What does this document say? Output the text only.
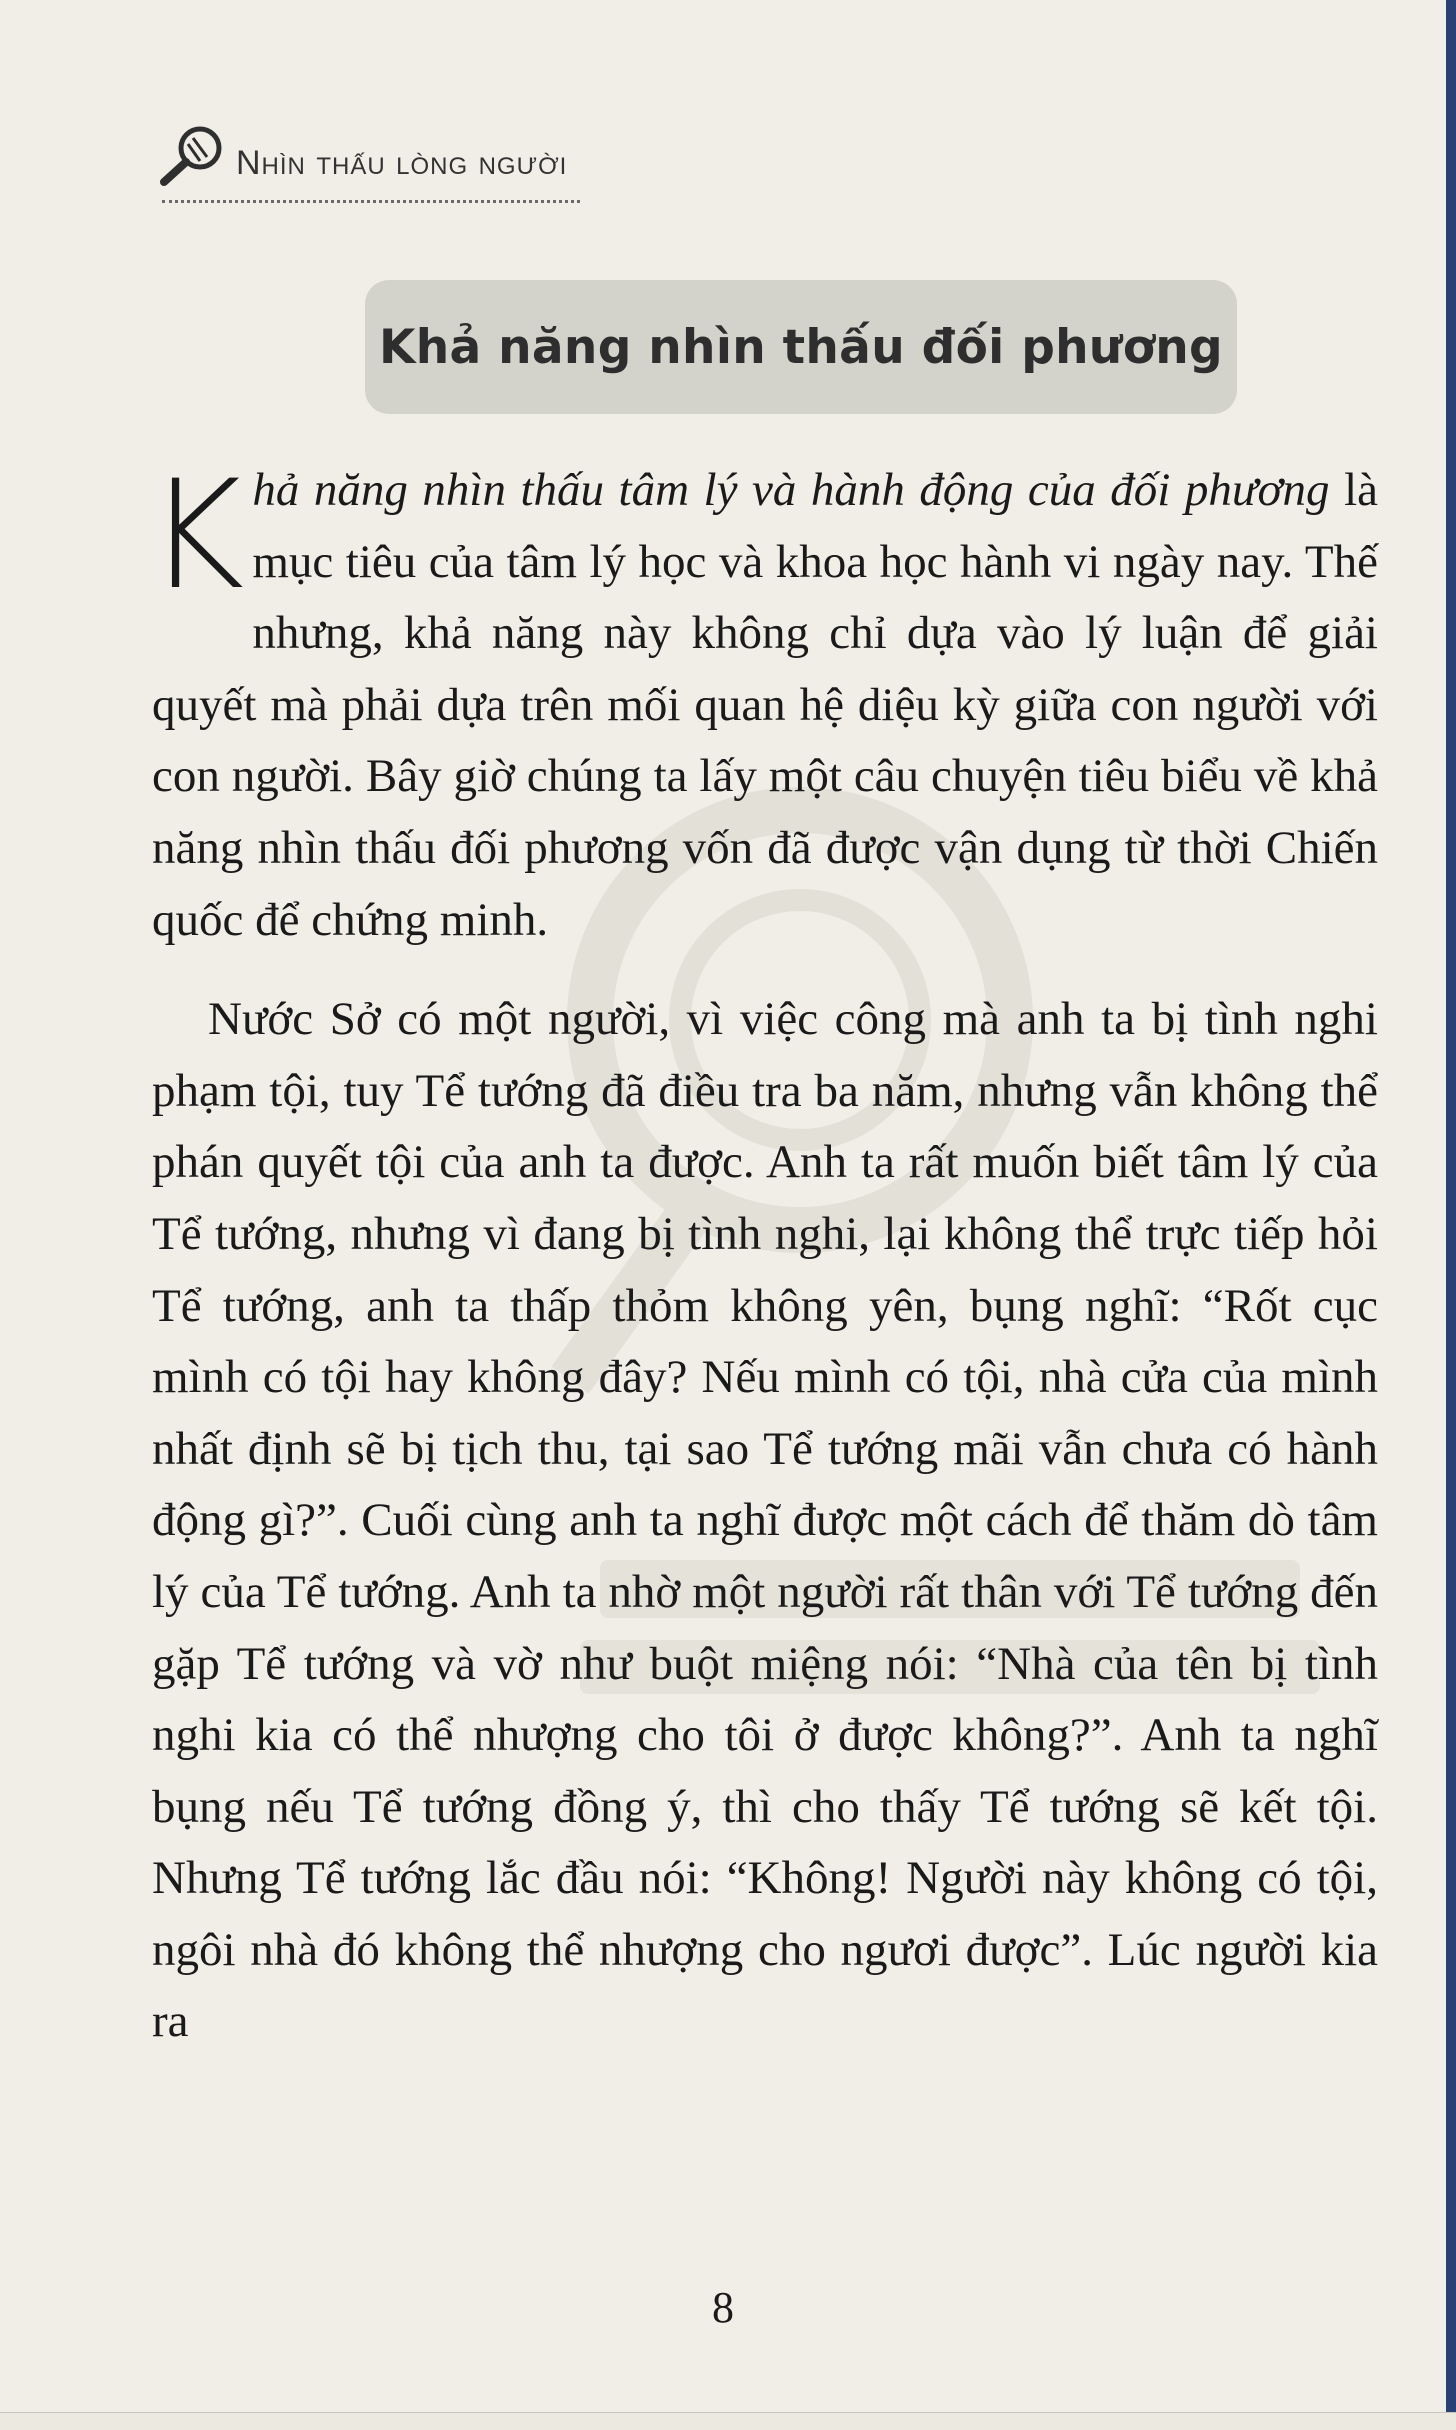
Nhìn thấu lòng người
Khả năng nhìn thấu đối phương

Khả năng nhìn thấu tâm lý và hành động của đối phương là mục tiêu của tâm lý học và khoa học hành vi ngày nay. Thế nhưng, khả năng này không chỉ dựa vào lý luận để giải quyết mà phải dựa trên mối quan hệ diệu kỳ giữa con người với con người. Bây giờ chúng ta lấy một câu chuyện tiêu biểu về khả năng nhìn thấu đối phương vốn đã được vận dụng từ thời Chiến quốc để chứng minh.

Nước Sở có một người, vì việc công mà anh ta bị tình nghi phạm tội, tuy Tể tướng đã điều tra ba năm, nhưng vẫn không thể phán quyết tội của anh ta được. Anh ta rất muốn biết tâm lý của Tể tướng, nhưng vì đang bị tình nghi, lại không thể trực tiếp hỏi Tể tướng, anh ta thấp thỏm không yên, bụng nghĩ: “Rốt cục mình có tội hay không đây? Nếu mình có tội, nhà cửa của mình nhất định sẽ bị tịch thu, tại sao Tể tướng mãi vẫn chưa có hành động gì?”. Cuối cùng anh ta nghĩ được một cách để thăm dò tâm lý của Tể tướng. Anh ta nhờ một người rất thân với Tể tướng đến gặp Tể tướng và vờ như buột miệng nói: “Nhà của tên bị tình nghi kia có thể nhượng cho tôi ở được không?”. Anh ta nghĩ bụng nếu Tể tướng đồng ý, thì cho thấy Tể tướng sẽ kết tội. Nhưng Tể tướng lắc đầu nói: “Không! Người này không có tội, ngôi nhà đó không thể nhượng cho ngươi được”. Lúc người kia ra

8
